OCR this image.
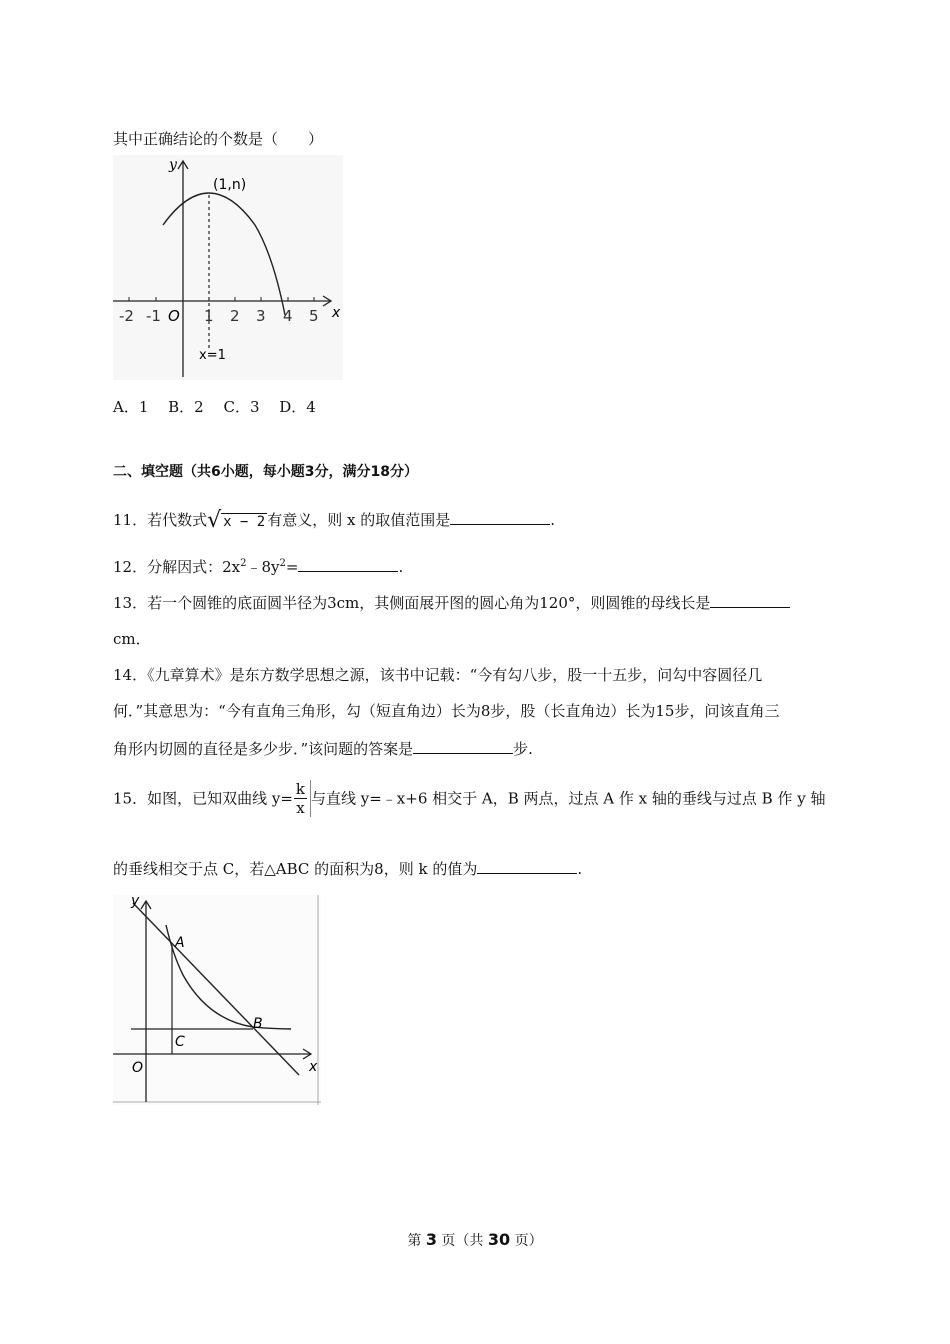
其中正确结论的个数是（　　）
y
x
O
(1,n)
x=1
-2 -1	1 2 3 4 5
A．1　 B．2　 C．3　 D．4
二、填空题（共6小题，每小题3分，满分18分）
11．若代数式 √ x − 2 有意义，则 x 的取值范围是	.
12．分解因式：$2x^2﹣8y^2=$	.
13．若一个圆锥的底面圆半径为3cm，其侧面展开图的圆心角为120°，则圆锥的母线长是
cm．
14．《九章算术》是东方数学思想之源，该书中记载：“今有勾八步，股一十五步，问勾中容圆径几
何．”其意思为：“今有直角三角形，勾（短直角边）长为8步，股（长直角边）长为15步，问该直角三
角形内切圆的直径是多少步．”该问题的答案是	步.
15．如图，已知双曲线 $y= \frac{k}{x}$ 与直线 y=﹣x+6 相交于 A，B 两点，过点 A 作 x 轴的垂线与过点 B 作 y 轴
的垂线相交于点 C，若△ABC 的面积为8，则 k 的值为	.
y
x
O
A
B
C
第 3 页（共 30 页）
